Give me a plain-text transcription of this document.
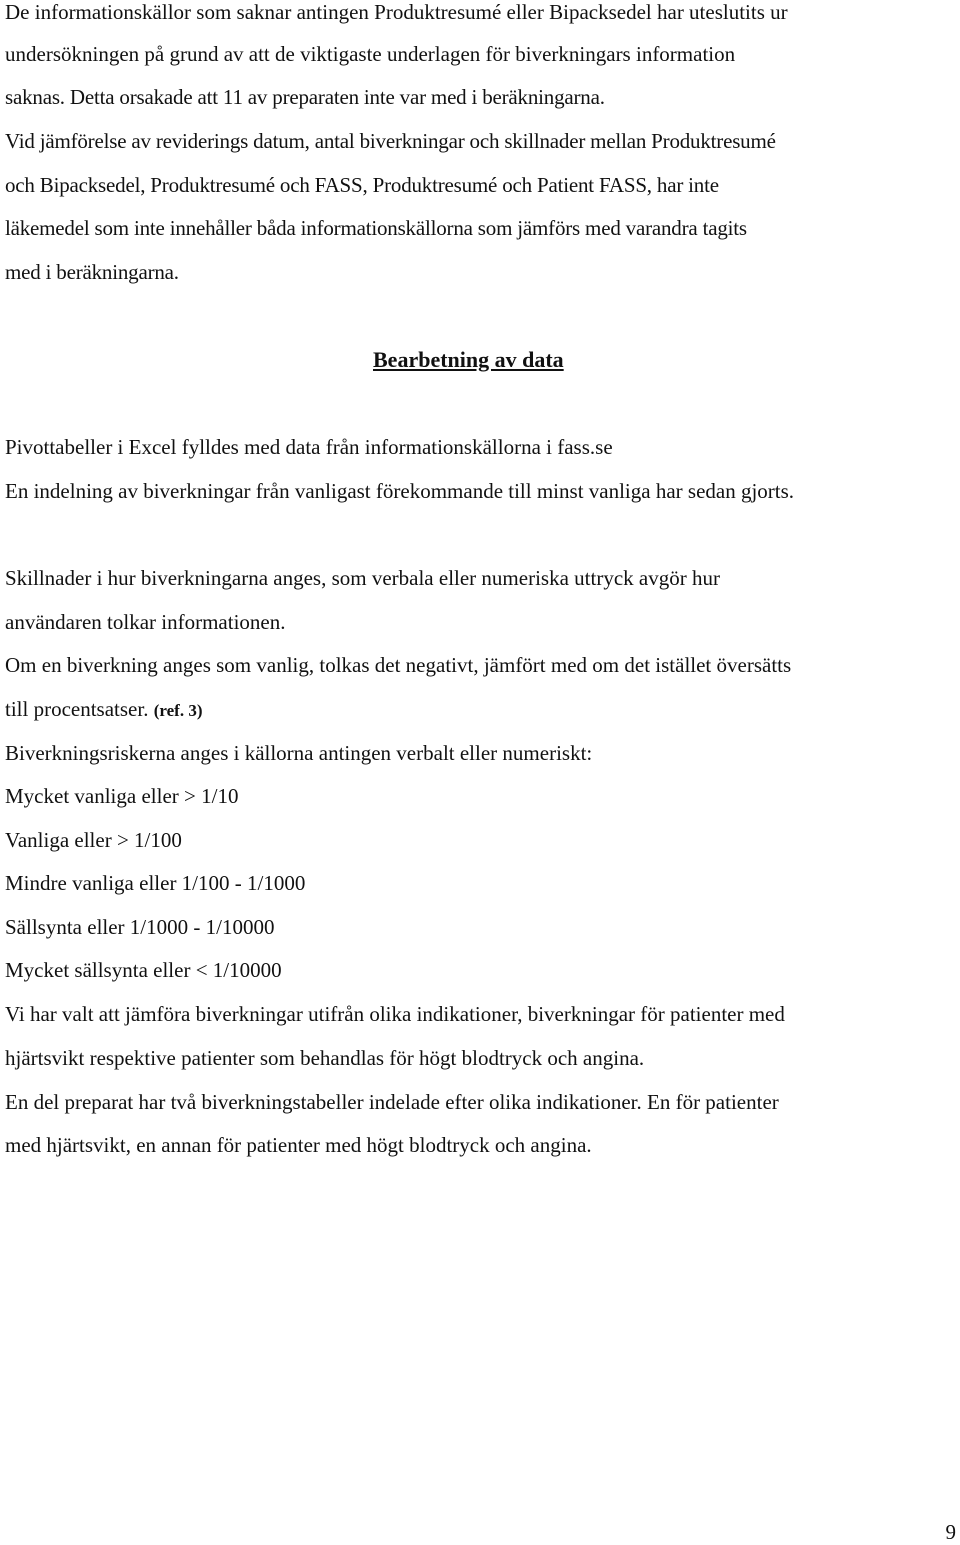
De informationskällor som saknar antingen Produktresumé eller Bipacksedel har uteslutits ur
undersökningen på grund av att de viktigaste underlagen för biverkningars information
saknas. Detta orsakade att 11 av preparaten inte var med i beräkningarna.
Vid jämförelse av reviderings datum, antal biverkningar och skillnader mellan Produktresumé
och Bipacksedel, Produktresumé och FASS, Produktresumé och Patient FASS, har inte
läkemedel som inte innehåller båda informationskällorna som jämförs med varandra tagits
med i beräkningarna.
Bearbetning av data
Pivottabeller i Excel fylldes med data från informationskällorna i fass.se
En indelning av biverkningar från vanligast förekommande till minst vanliga har sedan gjorts.
Skillnader i hur biverkningarna anges, som verbala eller numeriska uttryck avgör hur
användaren tolkar informationen.
Om en biverkning anges som vanlig, tolkas det negativt, jämfört med om det istället översätts
till procentsatser. (ref. 3)
Biverkningsriskerna anges i källorna antingen verbalt eller numeriskt:
Mycket vanliga eller > 1/10
Vanliga eller > 1/100
Mindre vanliga eller 1/100 - 1/1000
Sällsynta eller 1/1000 - 1/10000
Mycket sällsynta eller < 1/10000
Vi har valt att jämföra biverkningar utifrån olika indikationer, biverkningar för patienter med
hjärtsvikt respektive patienter som behandlas för högt blodtryck och angina.
En del preparat har två biverkningstabeller indelade efter olika indikationer. En för patienter
med hjärtsvikt, en annan för patienter med högt blodtryck och angina.
9
